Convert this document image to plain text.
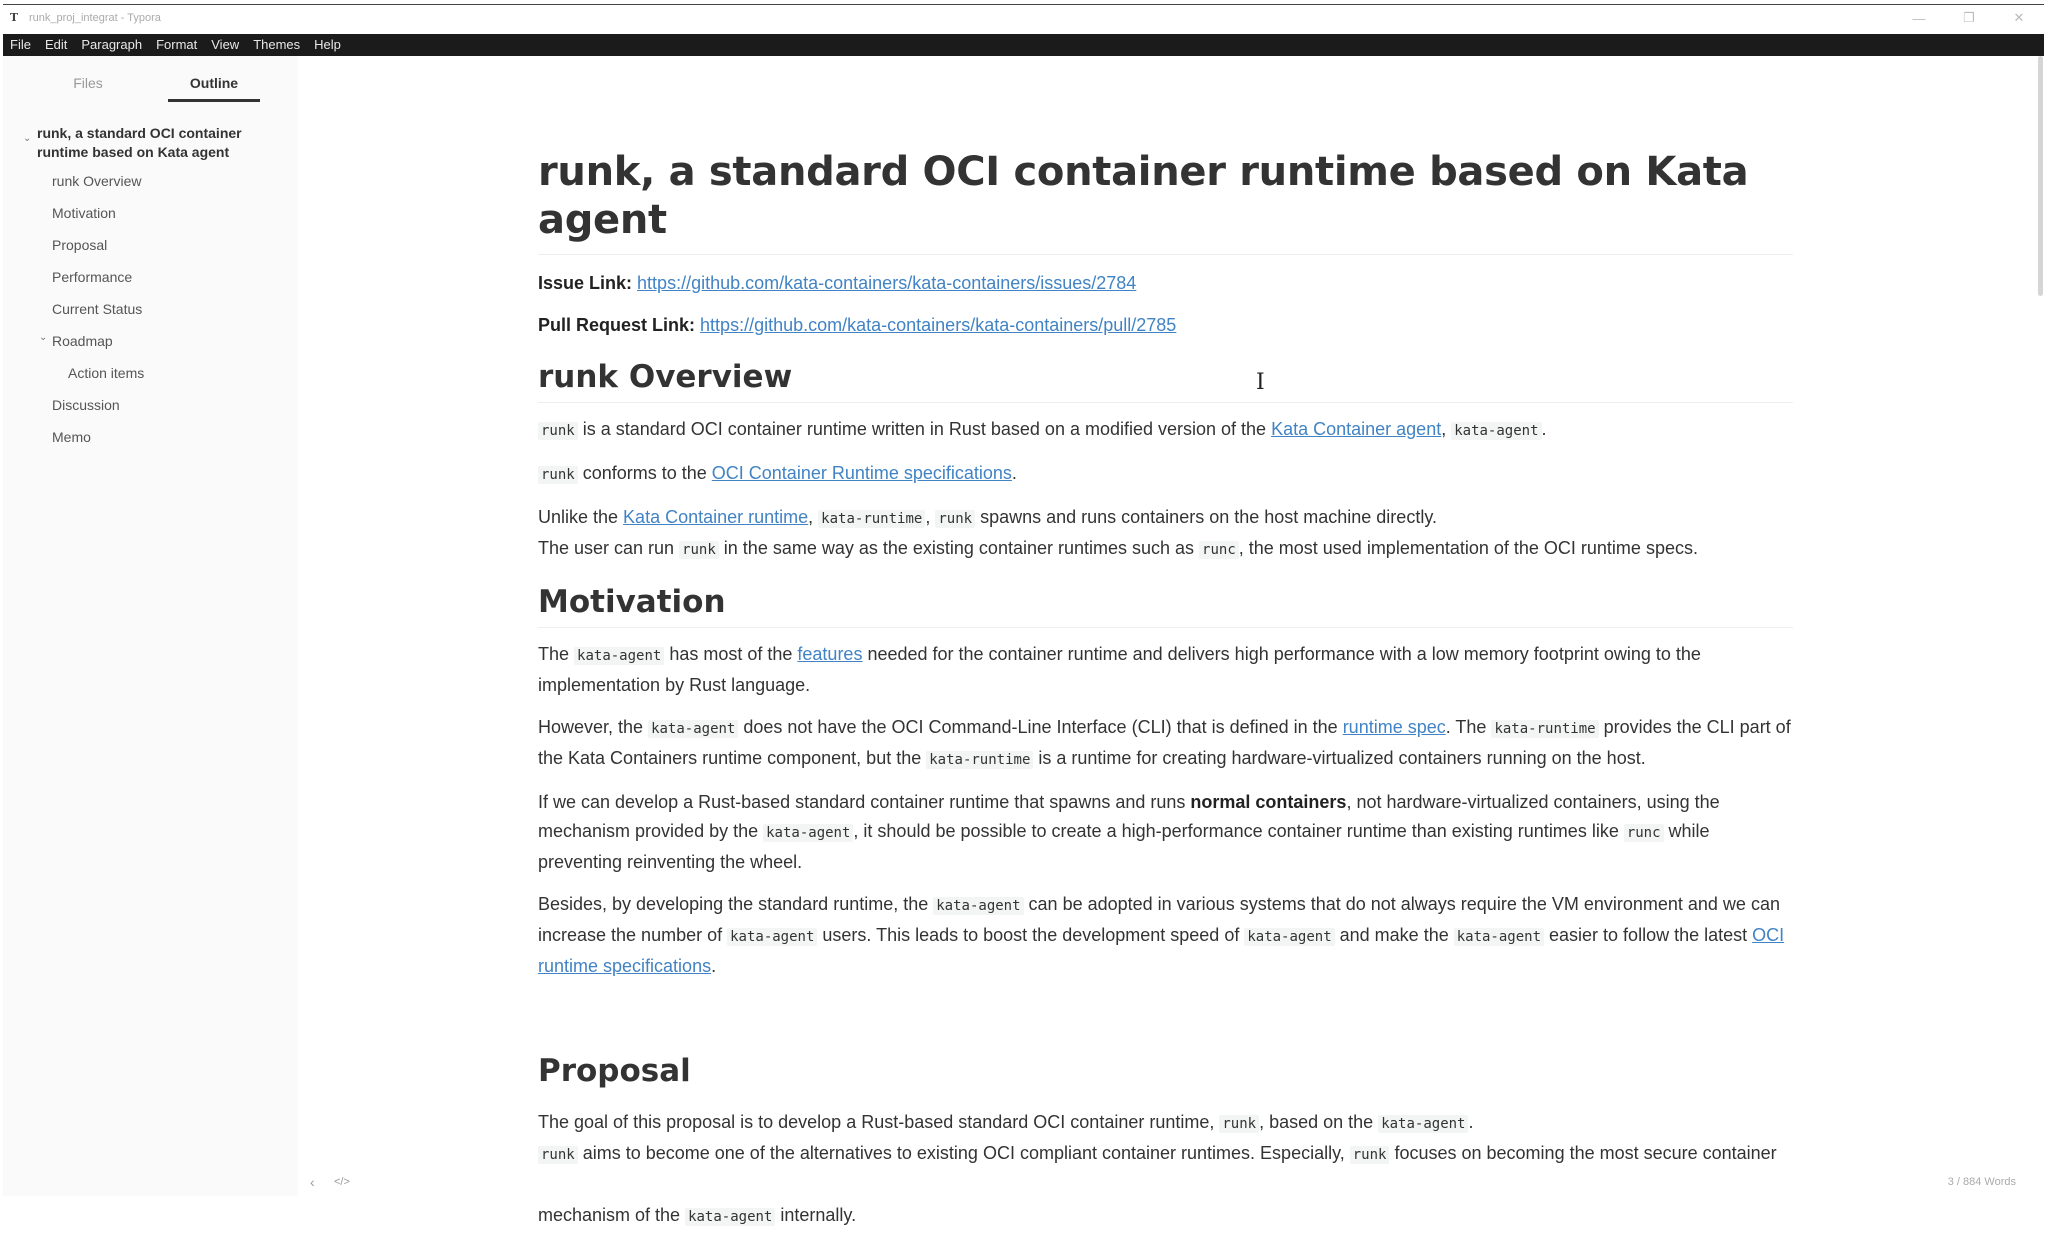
T runk_proj_integrat - Typora	—	❐	✕
File	Edit	Paragraph	Format	View	Themes	Help
Files	Outline
⌄ runk, a standard OCI container runtime based on Kata agent
runk Overview
Motivation
Proposal
Performance
Current Status
⌄ Roadmap
Action items
Discussion
Memo
runk, a standard OCI container runtime based on Kata agent

Issue Link: https://github.com/kata-containers/kata-containers/issues/2784

Pull Request Link: https://github.com/kata-containers/kata-containers/pull/2785

runk Overview

runk is a standard OCI container runtime written in Rust based on a modified version of the Kata Container agent, kata-agent .

runk conforms to the OCI Container Runtime specifications.

Unlike the Kata Container runtime, kata-runtime , runk spawns and runs containers on the host machine directly.

The user can run runk in the same way as the existing container runtimes such as runc , the most used implementation of the OCI runtime specs.

Motivation

The kata-agent has most of the features needed for the container runtime and delivers high performance with a low memory footprint owing to the implementation by Rust language.

However, the kata-agent does not have the OCI Command-Line Interface (CLI) that is defined in the runtime spec. The kata-runtime provides the CLI part of the Kata Containers runtime component, but the kata-runtime is a runtime for creating hardware-virtualized containers running on the host.

If we can develop a Rust-based standard container runtime that spawns and runs normal containers, not hardware-virtualized containers, using the mechanism provided by the kata-agent , it should be possible to create a high-performance container runtime than existing runtimes like runc while preventing reinventing the wheel.

Besides, by developing the standard runtime, the kata-agent can be adopted in various systems that do not always require the VM environment and we can increase the number of kata-agent users. This leads to boost the development speed of kata-agent and make the kata-agent easier to follow the latest OCI runtime specifications.

Proposal

The goal of this proposal is to develop a Rust-based standard OCI container runtime, runk , based on the kata-agent .

runk aims to become one of the alternatives to existing OCI compliant container runtimes. Especially, runk focuses on becoming the most secure container mechanism of the kata-agent internally.

I
‹ </>	3 / 884 Words
